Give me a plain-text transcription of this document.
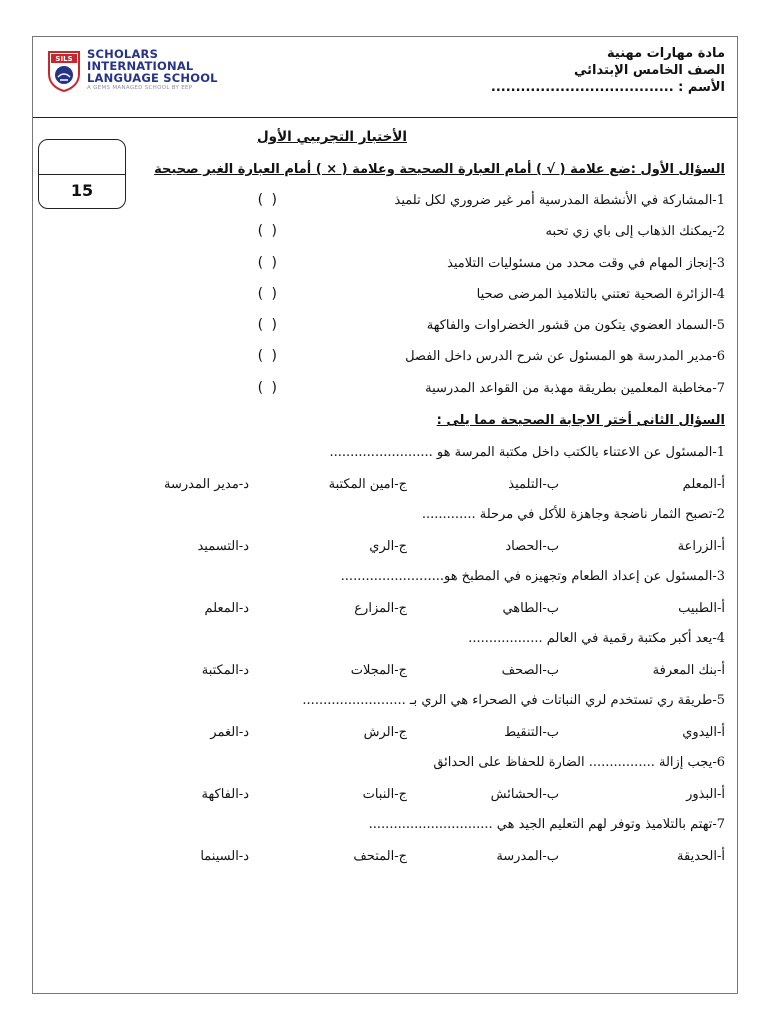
SILS SCHOLARS
INTERNATIONAL
LANGUAGE SCHOOL
A GEMS MANAGED SCHOOL BY EEP
مادة مهارات مهنية
الصف الخامس الإبتدائي
الأسم : .....................................
15
الأختبار التجريبي الأول
السؤال الأول :ضع علامة ( √ ) أمام العبارة الصحيحة وعلامة ( × ) أمام العبارة الغير صحيحة
1-المشاركة في الأنشطة المدرسية أمر غير ضروري لكل تلميذ
( )
2-يمكنك الذهاب إلى باي زي تحبه
( )
3-إنجاز المهام في وقت محدد من مسئوليات التلاميذ
( )
4-الزائرة الصحية تعتني بالتلاميذ المرضى صحيا
( )
5-السماد العضوي يتكون من قشور الخضراوات والفاكهة
( )
6-مدير المدرسة هو المسئول عن شرح الدرس داخل الفصل
( )
7-مخاطبة المعلمين بطريقة مهذبة من القواعد المدرسية
( )
السؤال الثانى أختر الاجابة الصحيحة مما يلى :
1-المسئول عن الاعتناء بالكتب داخل مكتبة المرسة هو .........................
أ-المعلم
ب-التلميذ
ج-امين المكتبة
د-مدير المدرسة
2-تصبح الثمار ناضجة وجاهزة للأكل في مرحلة .............
أ-الزراعة
ب-الحصاد
ج-الري
د-التسميد
3-المسئول عن إعداد الطعام وتجهيزه في المطبخ هو.........................
أ-الطبيب
ب-الطاهي
ج-المزارع
د-المعلم
4-يعد أكبر مكتبة رقمية في العالم ..................
أ-بنك المعرفة
ب-الصحف
ج-المجلات
د-المكتبة
5-طريقة ري تستخدم لري النباتات في الصحراء هي الري بـ .........................
أ-اليدوي
ب-التنقيط
ج-الرش
د-الغمر
6-يجب إزالة ................ الضارة للحفاظ على الحدائق
أ-البذور
ب-الحشائش
ج-النبات
د-الفاكهة
7-تهتم بالتلاميذ وتوفر لهم التعليم الجيد هي ..............................
أ-الحديقة
ب-المدرسة
ج-المتحف
د-السينما
